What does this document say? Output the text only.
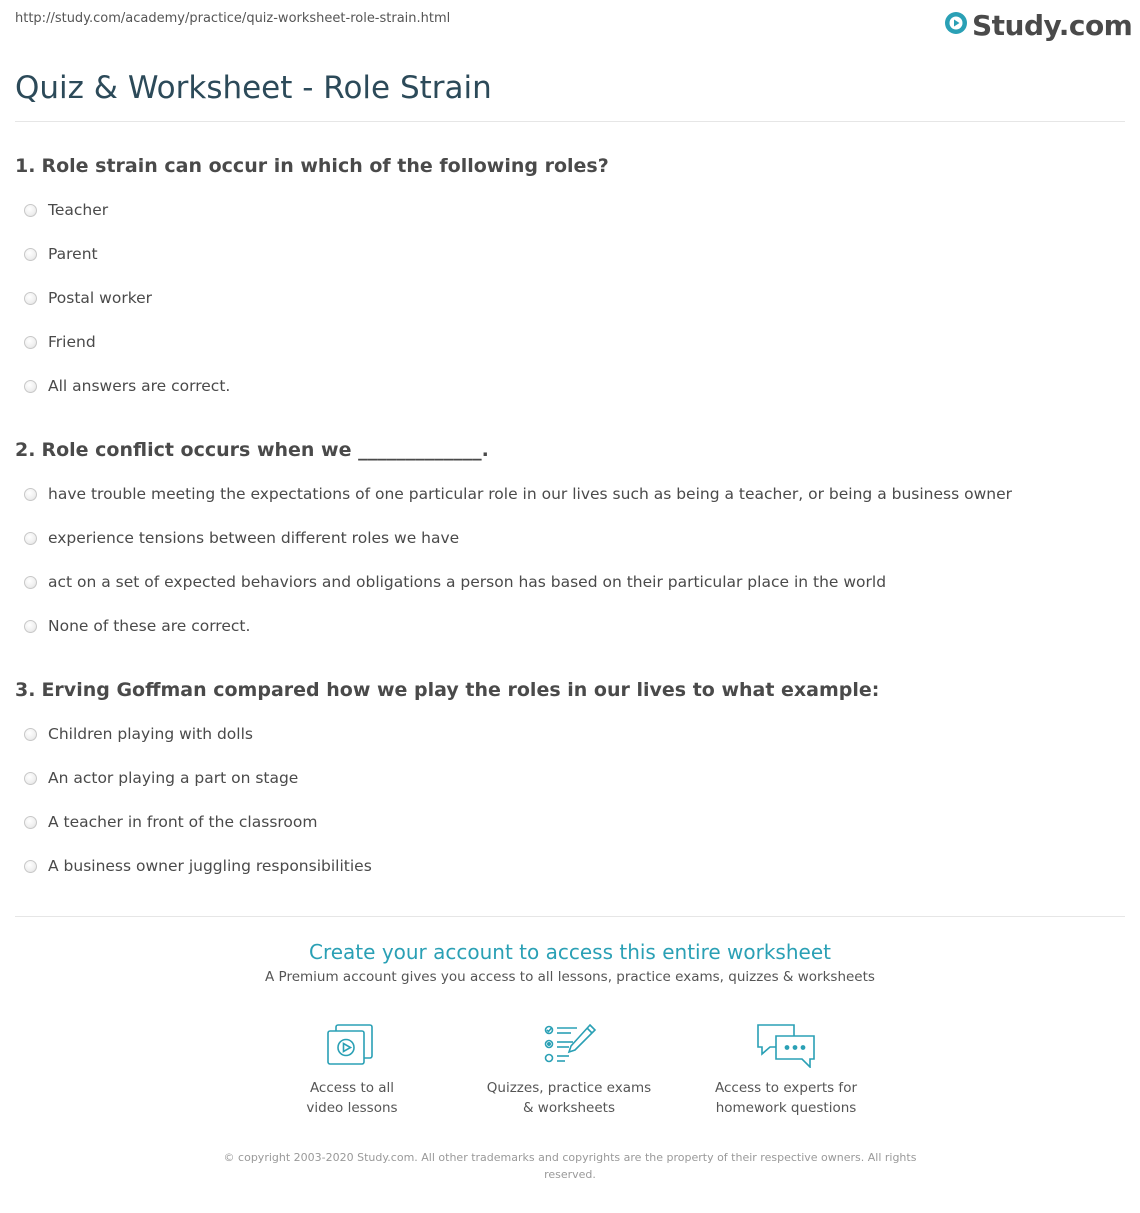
http://study.com/academy/practice/quiz-worksheet-role-strain.html	Study.com
Quiz & Worksheet - Role Strain
1. Role strain can occur in which of the following roles?
Teacher
Parent
Postal worker
Friend
All answers are correct.
2. Role conflict occurs when we _____________.
have trouble meeting the expectations of one particular role in our lives such as being a teacher, or being a business owner
experience tensions between different roles we have
act on a set of expected behaviors and obligations a person has based on their particular place in the world
None of these are correct.
3. Erving Goffman compared how we play the roles in our lives to what example:
Children playing with dolls
An actor playing a part on stage
A teacher in front of the classroom
A business owner juggling responsibilities
Create your account to access this entire worksheet
A Premium account gives you access to all lessons, practice exams, quizzes & worksheets
Access to all
video lessons
Quizzes, practice exams
& worksheets
Access to experts for
homework questions
© copyright 2003-2020 Study.com. All other trademarks and copyrights are the property of their respective owners. All rights reserved.
